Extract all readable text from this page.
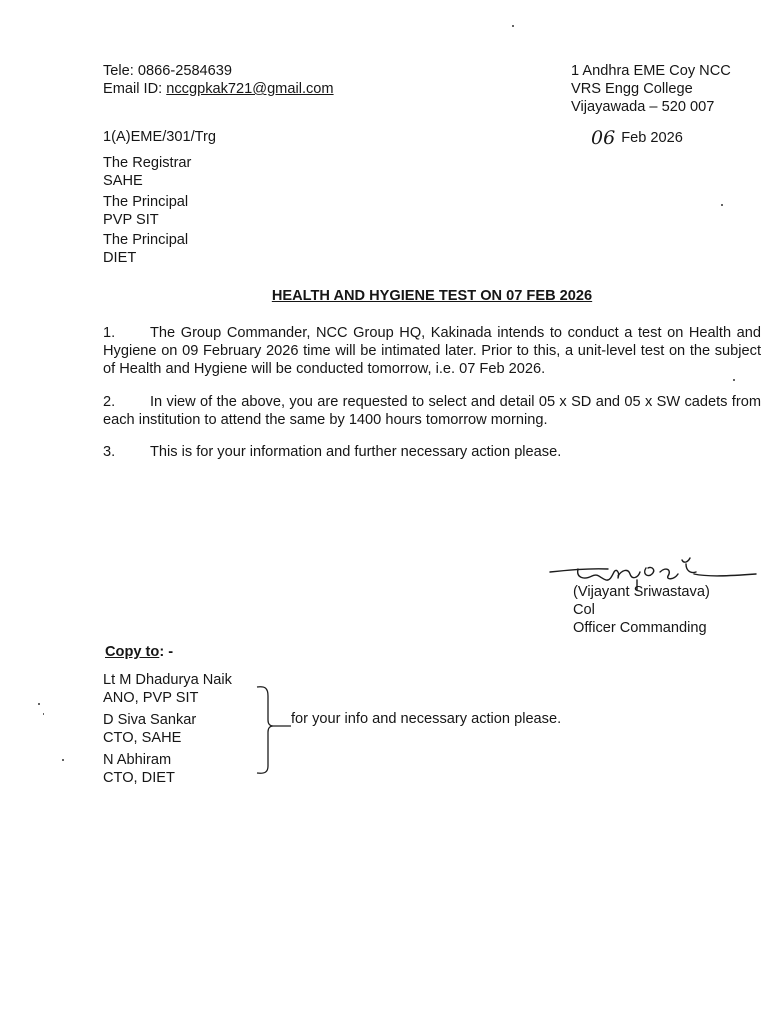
Tele: 0866-2584639
Email ID: nccgpkak721@gmail.com
1 Andhra EME Coy NCC
VRS Engg College
Vijayawada – 520 007
1(A)EME/301/Trg	06 Feb 2026
The Registrar
SAHE
The Principal
PVP SIT
The Principal
DIET
HEALTH AND HYGIENE TEST ON 07 FEB 2026
1. The Group Commander, NCC Group HQ, Kakinada intends to conduct a test on Health and Hygiene on 09 February 2026 time will be intimated later. Prior to this, a unit-level test on the subject of Health and Hygiene will be conducted tomorrow, i.e. 07 Feb 2026.
2. In view of the above, you are requested to select and detail 05 x SD and 05 x SW cadets from each institution to attend the same by 1400 hours tomorrow morning.
3. This is for your information and further necessary action please.
(Vijayant Sriwastava)
Col
Officer Commanding
Copy to: -
Lt M Dhadurya Naik
ANO, PVP SIT
D Siva Sankar
CTO, SAHE
N Abhiram
CTO, DIET
for your info and necessary action please.
